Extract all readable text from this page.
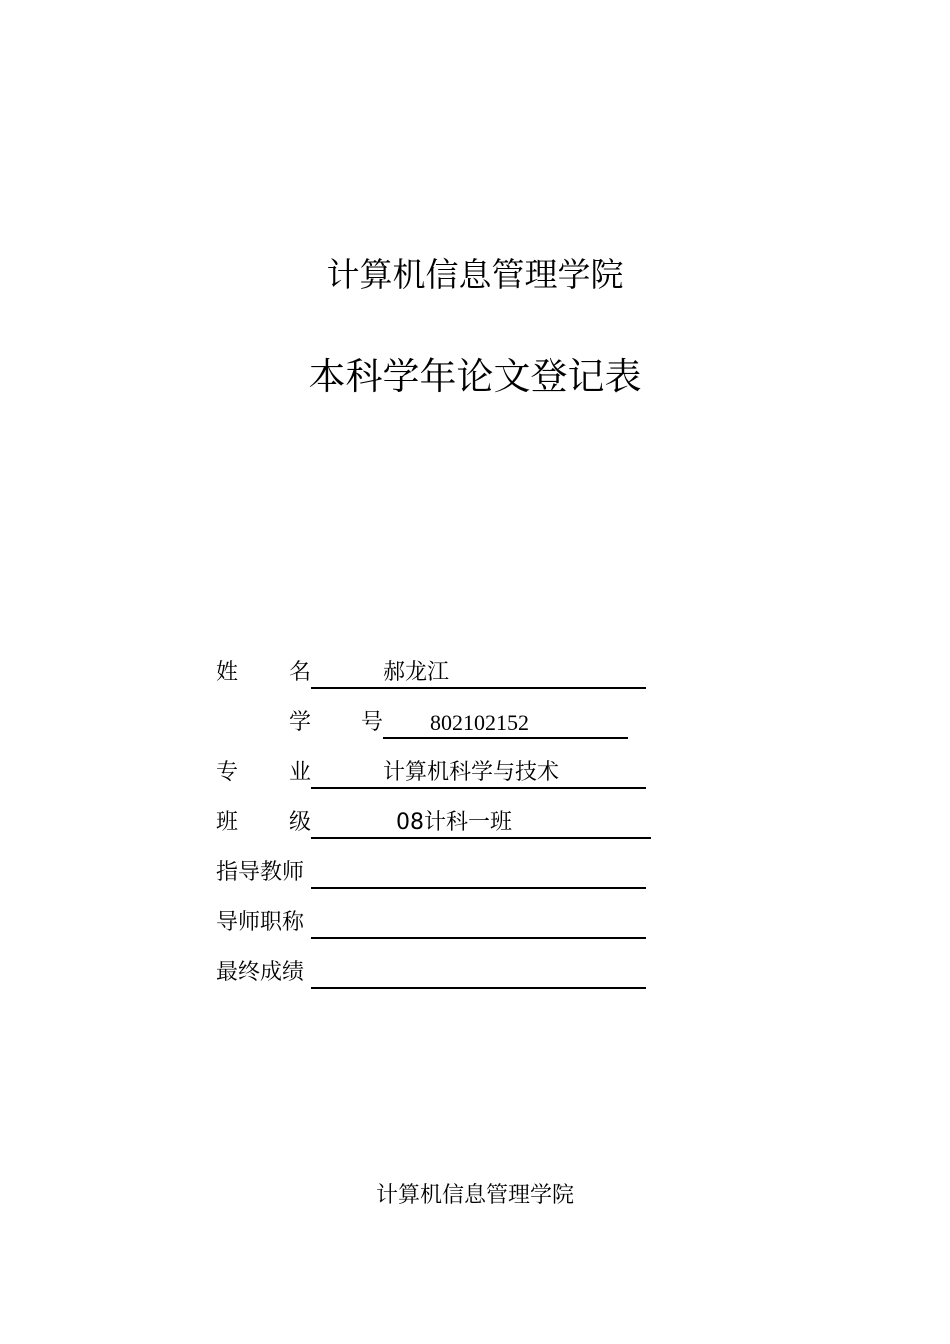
计算机信息管理学院
本科学年论文登记表
姓 名	郝龙江
学 号 802102152
专 业	计算机科学与技术
班 级	08计科一班
指导教师
导师职称
最终成绩
计算机信息管理学院
